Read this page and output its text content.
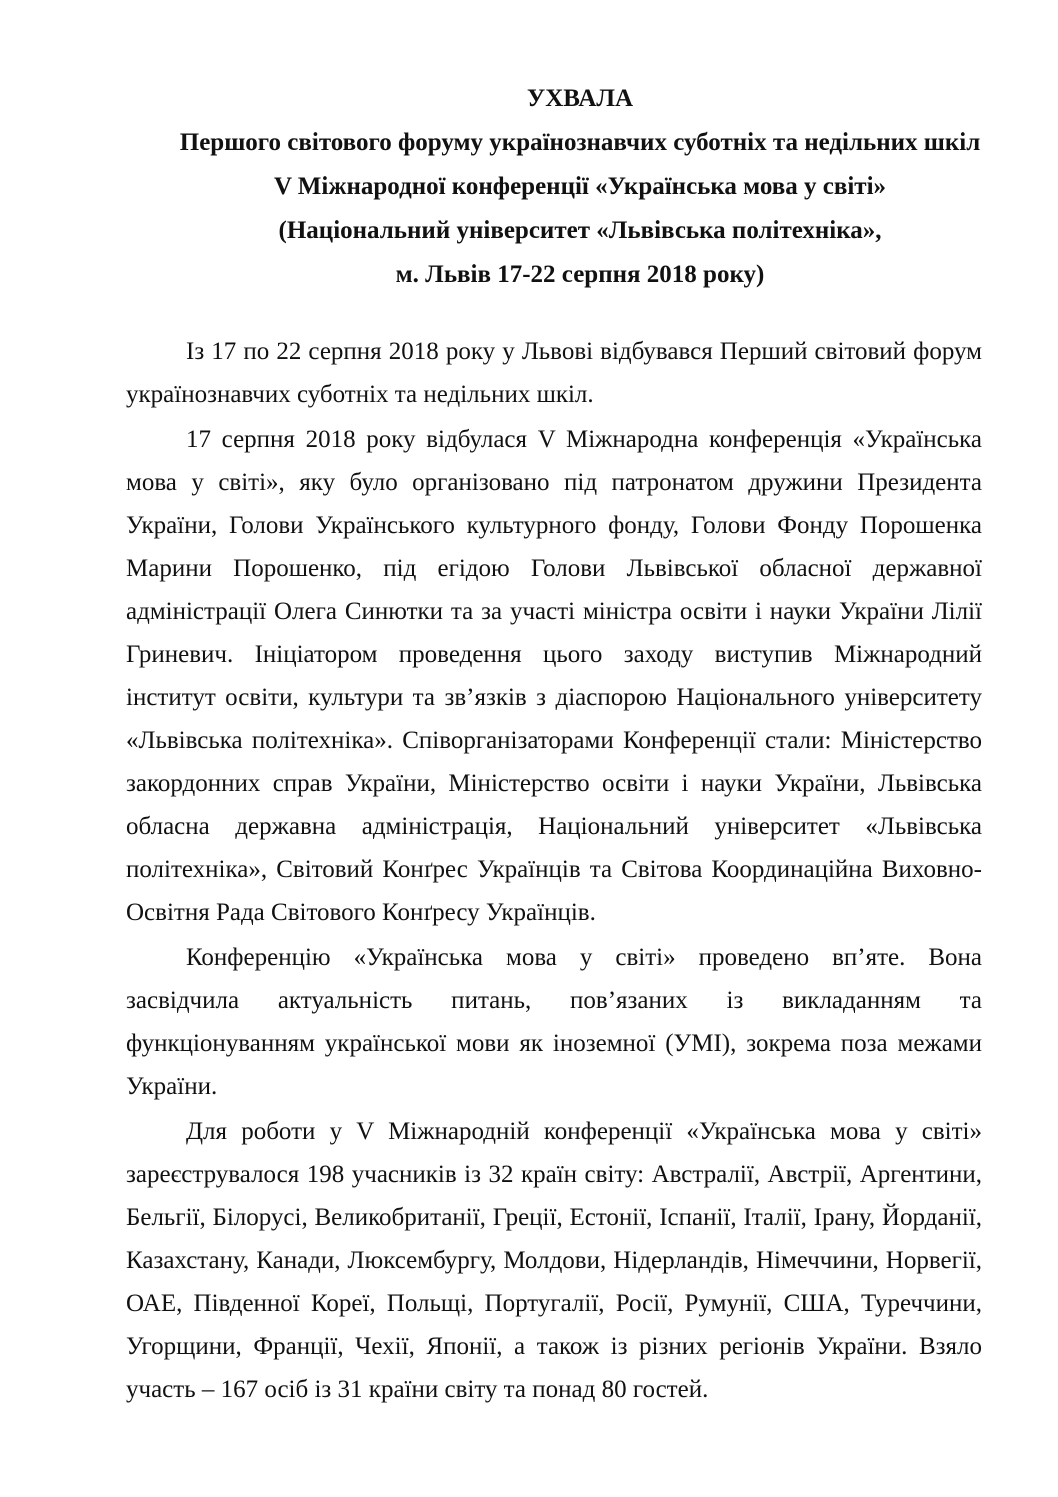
УХВАЛА
Першого світового форуму українознавчих суботніх та недільних шкіл
V Міжнародної конференції «Українська мова у світі»
(Національний університет «Львівська політехніка»,
м. Львів 17-22 серпня 2018 року)

Із 17 по 22 серпня 2018 року у Львові відбувався Перший світовий форум українознавчих суботніх та недільних шкіл.

17 серпня 2018 року відбулася V Міжнародна конференція «Українська мова у світі», яку було організовано під патронатом дружини Президента України, Голови Українського культурного фонду, Голови Фонду Порошенка Марини Порошенко, під егідою Голови Львівської обласної державної адміністрації Олега Синютки та за участі міністра освіти і науки України Лілії Гриневич. Ініціатором проведення цього заходу виступив Міжнародний інститут освіти, культури та зв’язків з діаспорою Національного університету «Львівська політехніка». Співорганізаторами Конференції стали: Міністерство закордонних справ України, Міністерство освіти і науки України, Львівська обласна державна адміністрація, Національний університет «Львівська політехніка», Світовий Конґрес Українців та Світова Координаційна Виховно-Освітня Рада Світового Конґресу Українців.

Конференцію «Українська мова у світі» проведено вп’яте. Вона засвідчила актуальність питань, пов’язаних із викладанням та функціонуванням української мови як іноземної (УМІ), зокрема поза межами України.

Для роботи у V Міжнародній конференції «Українська мова у світі» зареєструвалося 198 учасників із 32 країн світу: Австралії, Австрії, Аргентини, Бельгії, Білорусі, Великобританії, Греції, Естонії, Іспанії, Італії, Ірану, Йорданії, Казахстану, Канади, Люксембургу, Молдови, Нідерландів, Німеччини, Норвегії, ОАЕ, Південної Кореї, Польщі, Португалії, Росії, Румунії, США, Туреччини, Угорщини, Франції, Чехії, Японії, а також із різних регіонів України. Взяло участь – 167 осіб із 31 країни світу та понад 80 гостей.
